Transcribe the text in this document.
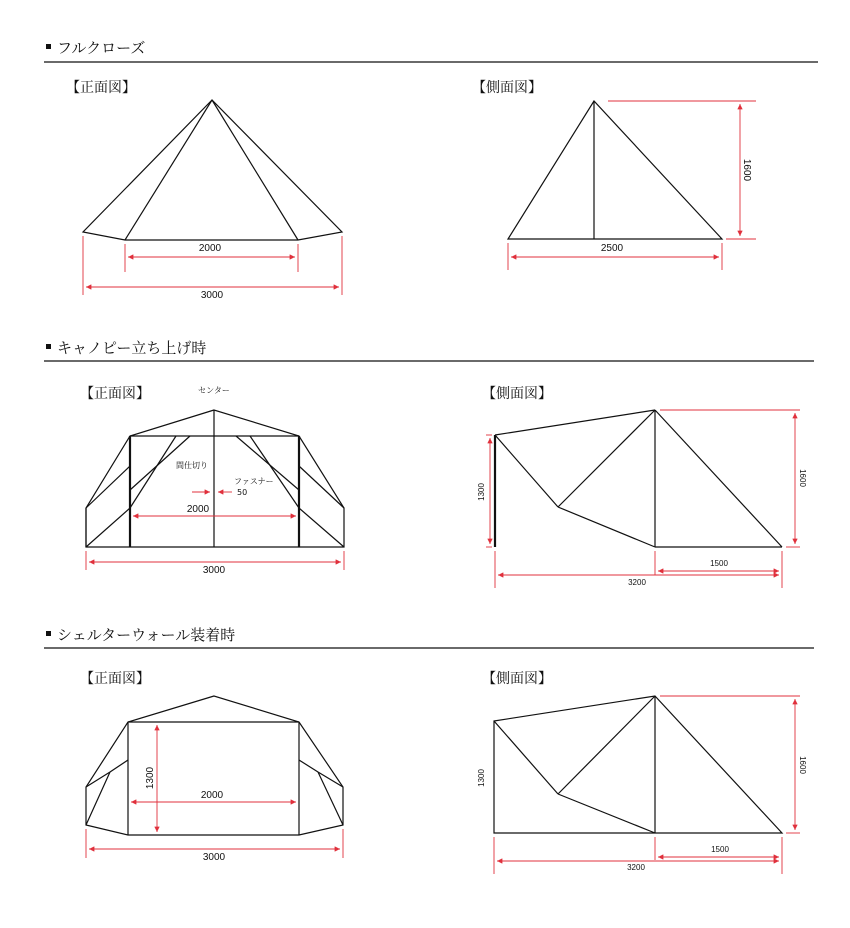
フルクローズ
【正面図】	【側面図】
2000
3000
2500
1600
キャノピー立ち上げ時
【正面図】	【側面図】
センター
間仕切り
ファスナー
50
2000
3000
1300
1600
1500
3200
シェルターウォール装着時
【正面図】	【側面図】
1300
2000
3000
1300
1600
1500
3200
